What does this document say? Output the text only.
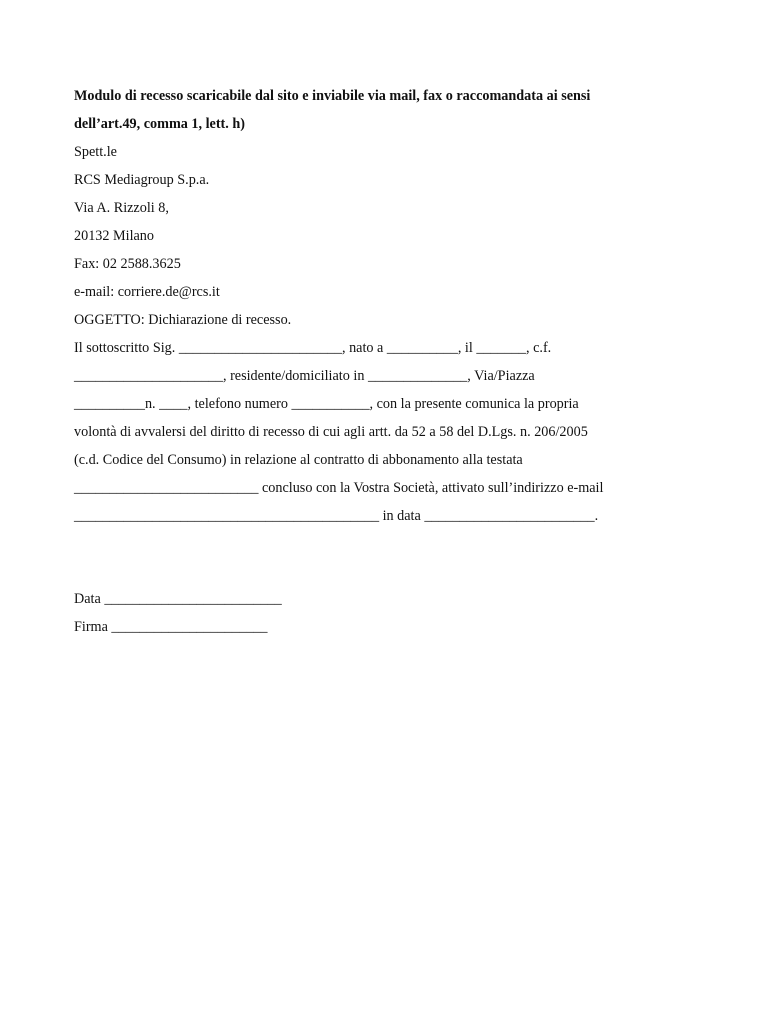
Modulo di recesso scaricabile dal sito e inviabile via mail, fax o raccomandata ai sensi
dell’art.49, comma 1, lett. h)
Spett.le
RCS Mediagroup S.p.a.
Via A. Rizzoli 8,
20132 Milano
Fax: 02 2588.3625
e-mail: corriere.de@rcs.it
OGGETTO: Dichiarazione di recesso.
Il sottoscritto Sig. _______________________, nato a __________, il _______, c.f.
_____________________, residente/domiciliato in ______________, Via/Piazza
__________n. ____, telefono numero ___________, con la presente comunica la propria
volontà di avvalersi del diritto di recesso di cui agli artt. da 52 a 58 del D.Lgs. n. 206/2005
(c.d. Codice del Consumo) in relazione al contratto di abbonamento alla testata
__________________________ concluso con la Vostra Società, attivato sull’indirizzo e-mail
___________________________________________ in data ________________________.
Data _________________________
Firma ______________________
